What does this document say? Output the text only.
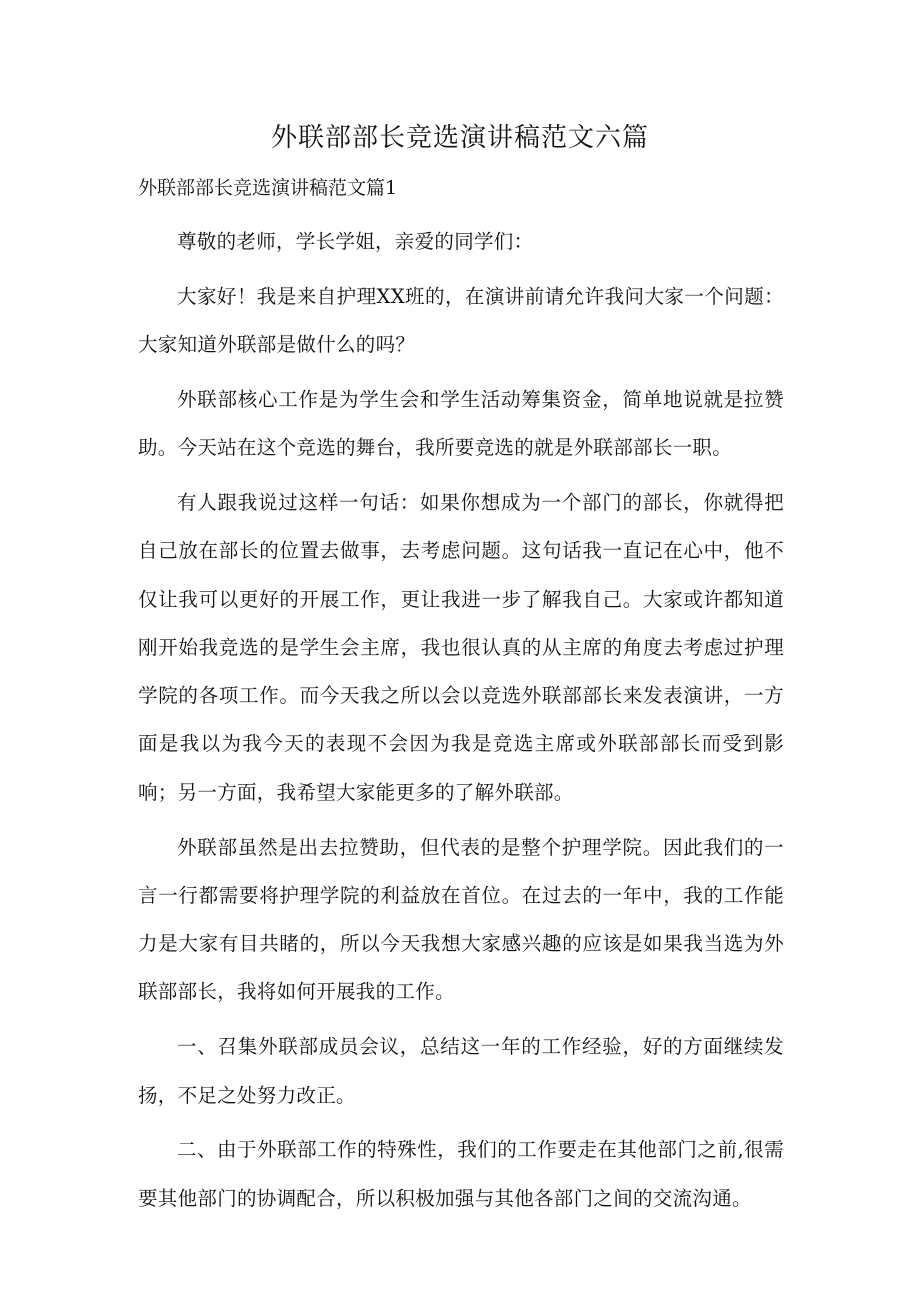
外联部部长竞选演讲稿范文六篇

外联部部长竞选演讲稿范文篇1

尊敬的老师，学长学姐，亲爱的同学们：

大家好！我是来自护理XX班的，在演讲前请允许我问大家一个问题：大家知道外联部是做什么的吗？

外联部核心工作是为学生会和学生活动筹集资金，简单地说就是拉赞助。今天站在这个竞选的舞台，我所要竞选的就是外联部部长一职。

有人跟我说过这样一句话：如果你想成为一个部门的部长，你就得把自己放在部长的位置去做事，去考虑问题。这句话我一直记在心中，他不仅让我可以更好的开展工作，更让我进一步了解我自己。大家或许都知道刚开始我竞选的是学生会主席，我也很认真的从主席的角度去考虑过护理学院的各项工作。而今天我之所以会以竞选外联部部长来发表演讲，一方面是我以为我今天的表现不会因为我是竞选主席或外联部部长而受到影响；另一方面，我希望大家能更多的了解外联部。

外联部虽然是出去拉赞助，但代表的是整个护理学院。因此我们的一言一行都需要将护理学院的利益放在首位。在过去的一年中，我的工作能力是大家有目共睹的，所以今天我想大家感兴趣的应该是如果我当选为外联部部长，我将如何开展我的工作。

一、召集外联部成员会议，总结这一年的工作经验，好的方面继续发扬，不足之处努力改正。

二、由于外联部工作的特殊性，我们的工作要走在其他部门之前,很需要其他部门的协调配合，所以积极加强与其他各部门之间的交流沟通。
